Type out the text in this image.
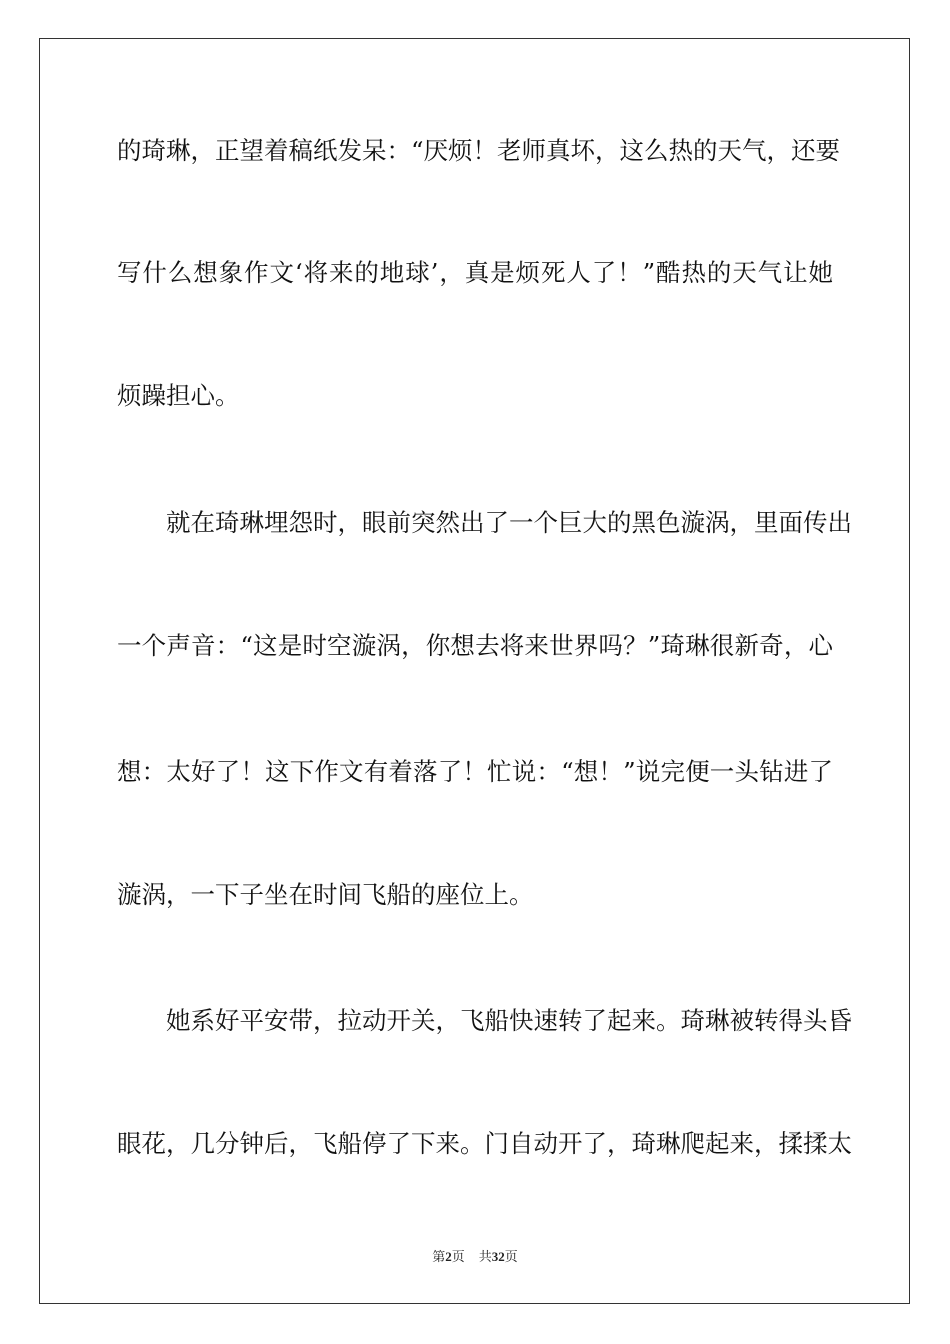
的琦琳，正望着稿纸发呆：“厌烦！老师真坏，这么热的天气，还要
写什么想象作文‘将来的地球’，真是烦死人了！”酷热的天气让她
烦躁担心。
就在琦琳埋怨时，眼前突然出了一个巨大的黑色漩涡，里面传出
一个声音：“这是时空漩涡，你想去将来世界吗？”琦琳很新奇，心
想：太好了！这下作文有着落了！忙说：“想！”说完便一头钻进了
漩涡，一下子坐在时间飞船的座位上。
她系好平安带，拉动开关，飞船快速转了起来。琦琳被转得头昏
眼花，几分钟后，飞船停了下来。门自动开了，琦琳爬起来，揉揉太
第2页 共32页
